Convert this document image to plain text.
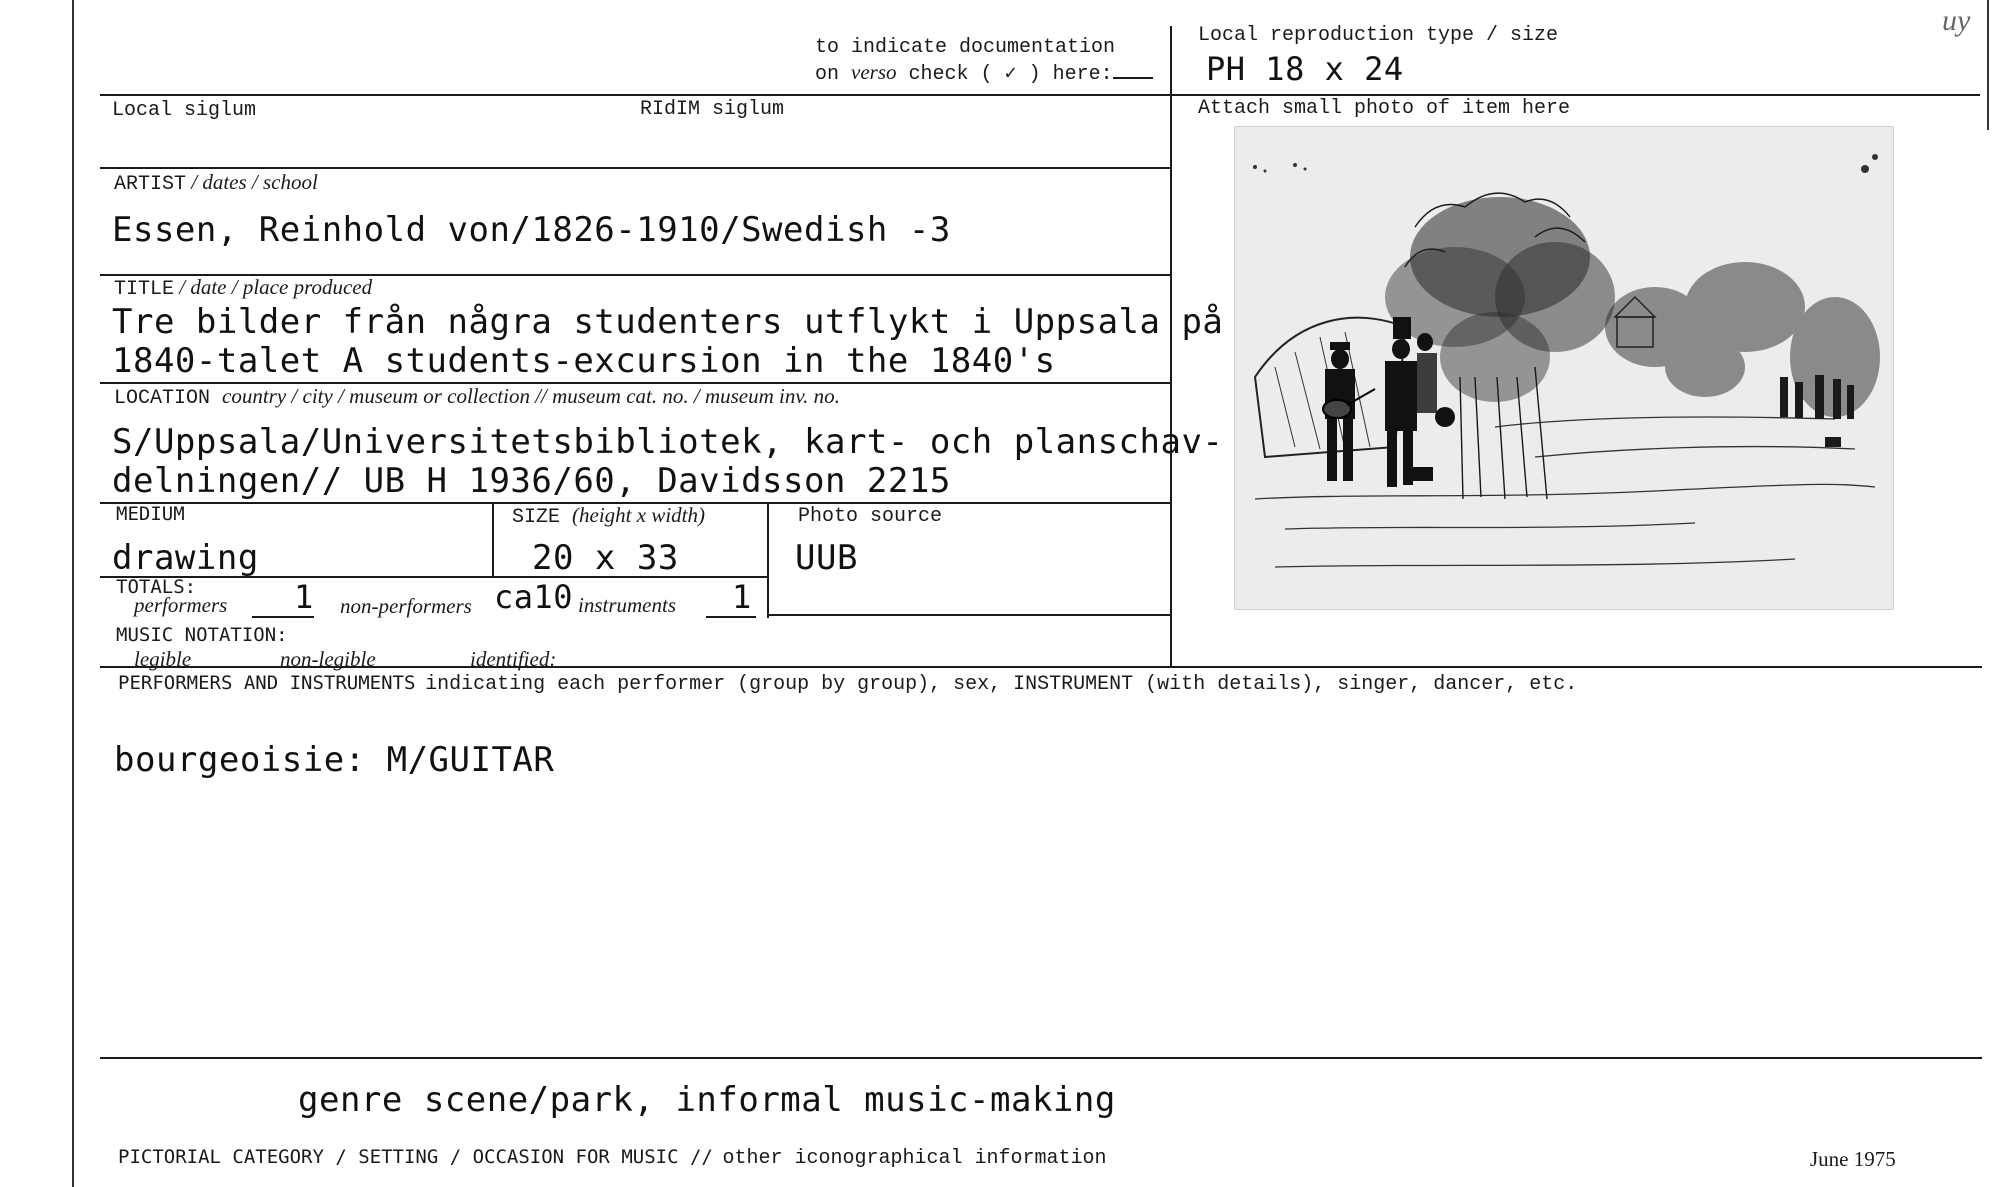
to indicate documentation
on verso check ( ✓ ) here:
Local reproduction type / size
PH 18 x 24
uy
Local siglum	RIdIM siglum	Attach small photo of item here
ARTIST / dates / school
Essen, Reinhold von/1826-1910/Swedish -3
TITLE / date / place produced
Tre bilder från några studenters utflykt i Uppsala på
1840-talet A students-excursion in the 1840's
LOCATION country / city / museum or collection // museum cat. no. / museum inv. no.
S/Uppsala/Universitetsbibliotek, kart- och planschav-
delningen// UB H 1936/60, Davidsson 2215
MEDIUM
drawing
SIZE (height x width)
20 x 33
Photo source
UUB
TOTALS:
performers 1 non-performers ca10 instruments 1
MUSIC NOTATION:
legible	non-legible	identified:
PERFORMERS AND INSTRUMENTS indicating each performer (group by group), sex, INSTRUMENT (with details), singer, dancer, etc.
bourgeoisie: M/GUITAR
genre scene/park, informal music-making
PICTORIAL CATEGORY / SETTING / OCCASION FOR MUSIC // other iconographical information	June 1975
